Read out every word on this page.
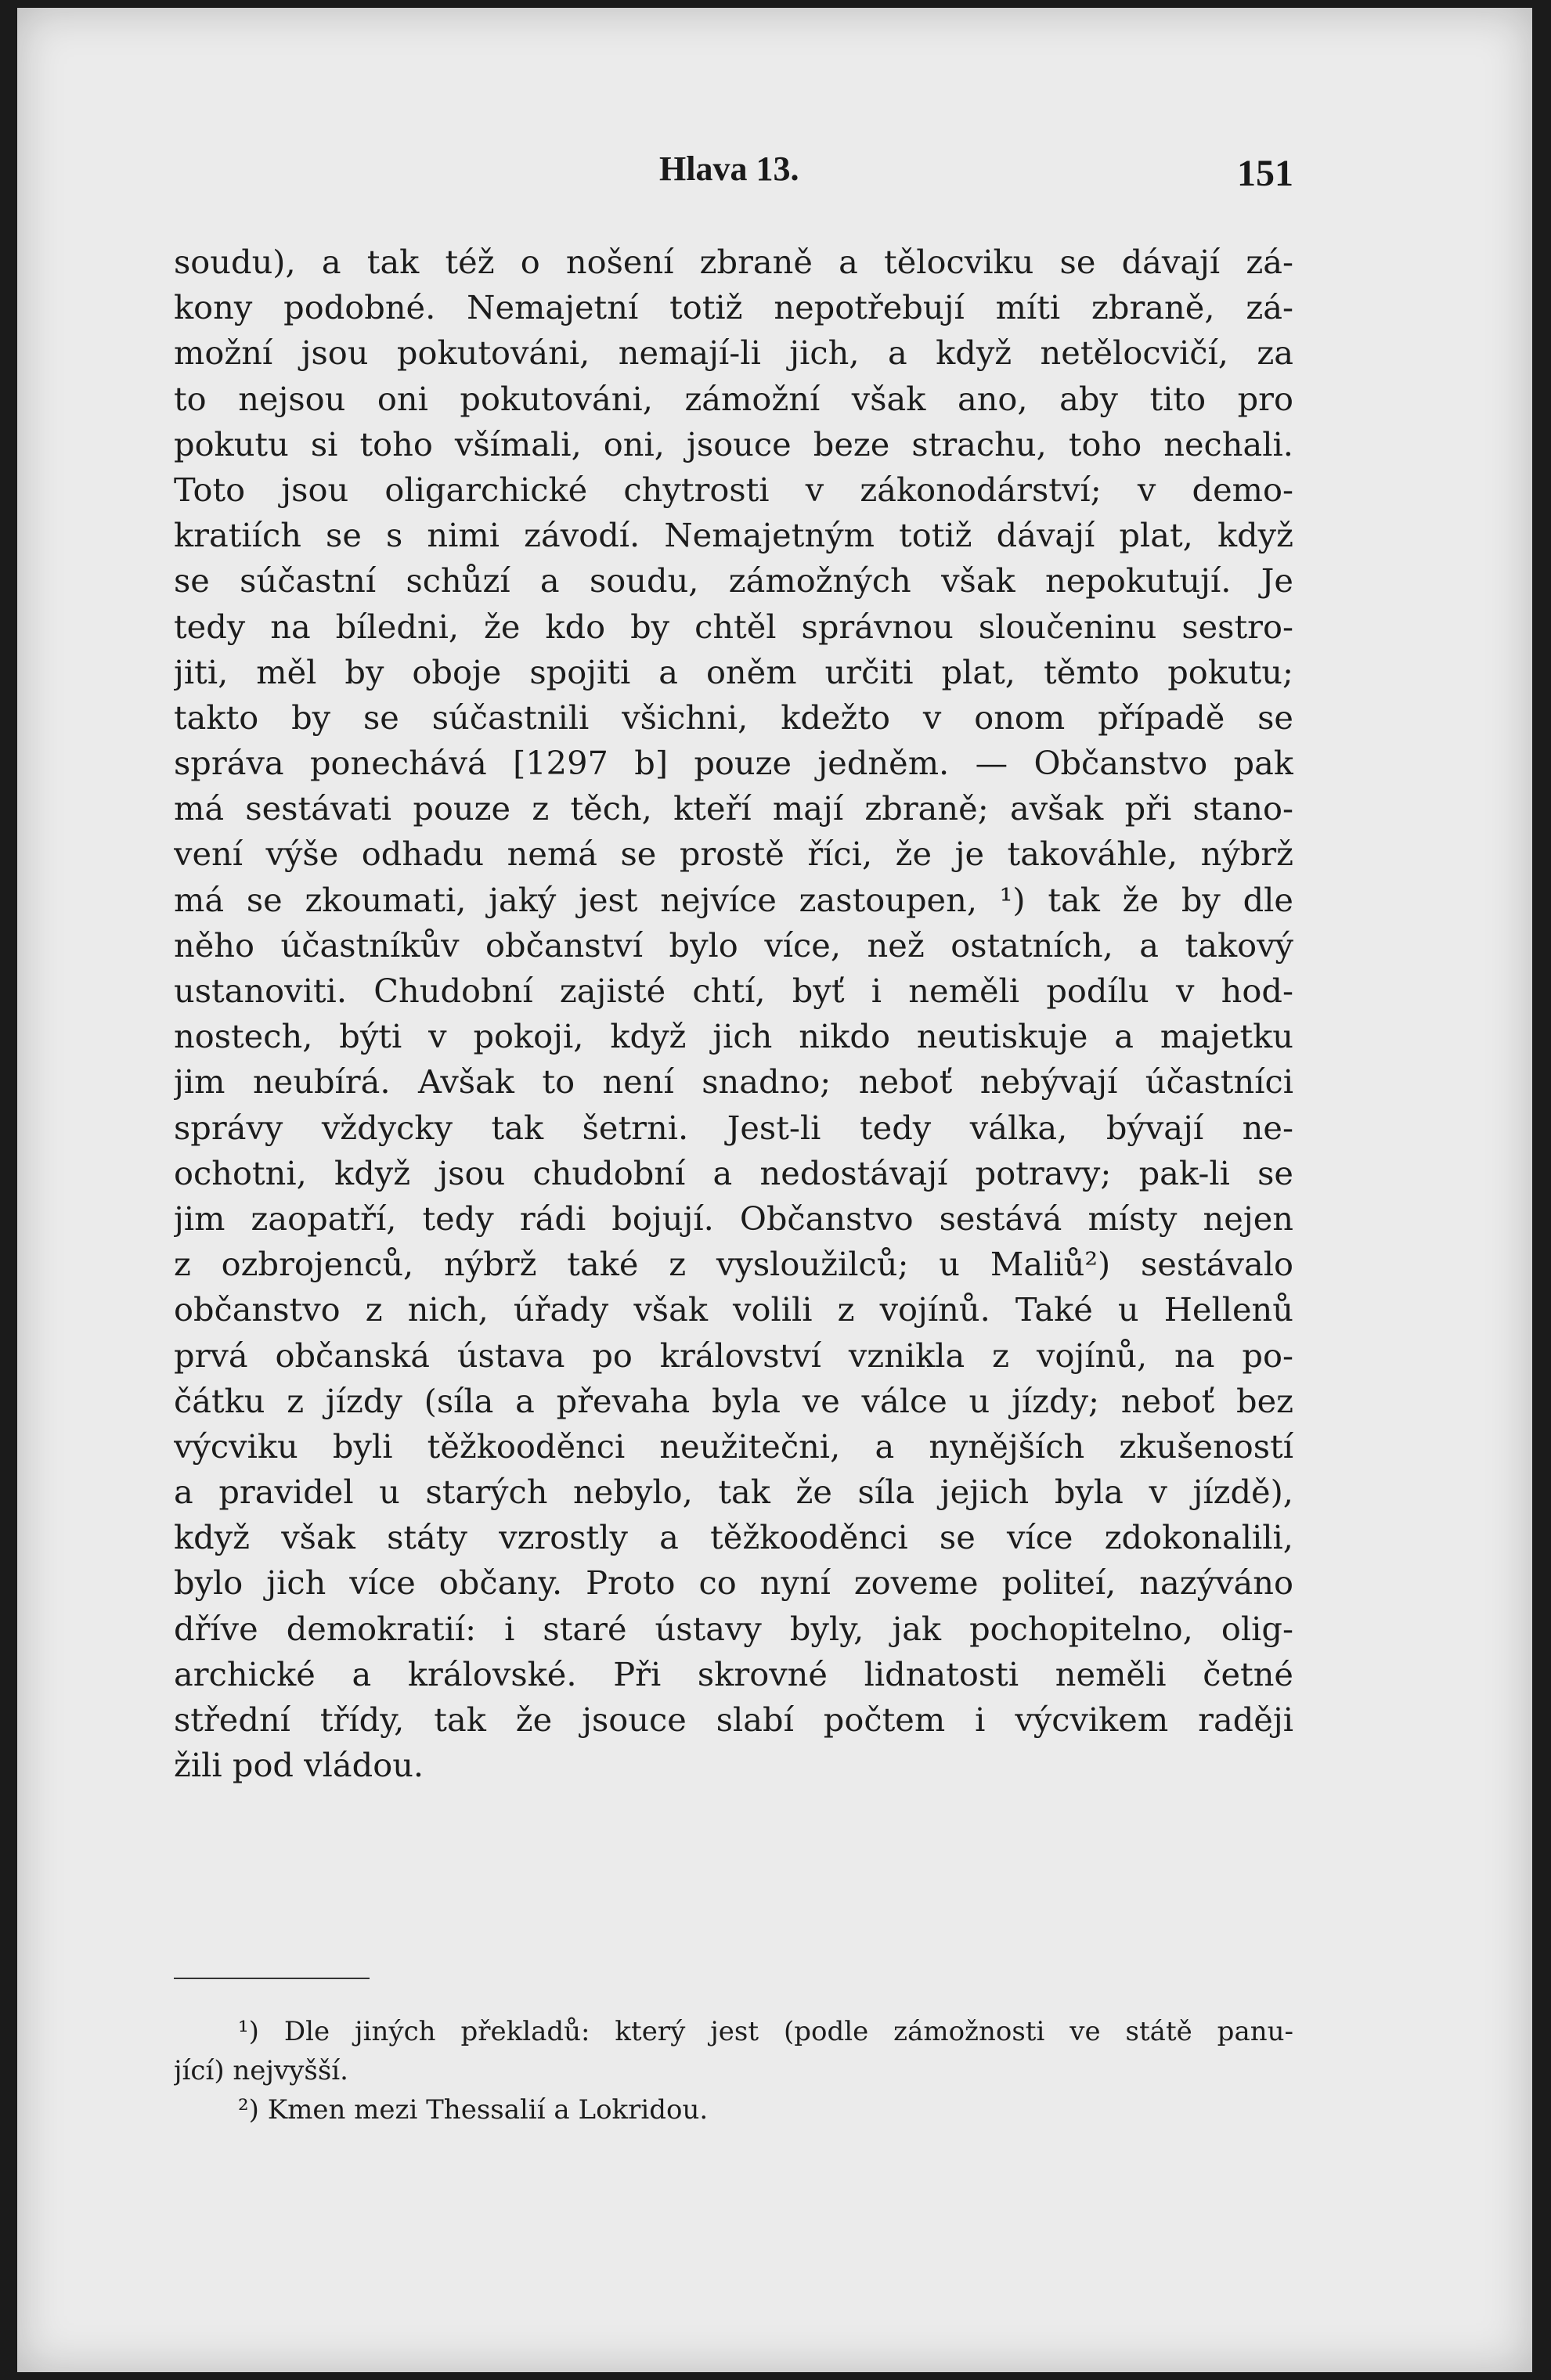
Hlava 13.	151
soudu), a tak též o nošení zbraně a tělocviku se dávají zá-
kony podobné. Nemajetní totiž nepotřebují míti zbraně, zá-
možní jsou pokutováni, nemají-li jich, a když netělocvičí, za
to nejsou oni pokutováni, zámožní však ano, aby tito pro
pokutu si toho všímali, oni, jsouce beze strachu, toho nechali.
Toto jsou oligarchické chytrosti v zákonodárství; v demo-
kratiích se s nimi závodí. Nemajetným totiž dávají plat, když
se súčastní schůzí a soudu, zámožných však nepokutují. Je
tedy na bíledni, že kdo by chtěl správnou sloučeninu sestro-
jiti, měl by oboje spojiti a oněm určiti plat, těmto pokutu;
takto by se súčastnili všichni, kdežto v onom případě se
správa ponechává [1297 b] pouze jedněm. — Občanstvo pak
má sestávati pouze z těch, kteří mají zbraně; avšak při stano-
vení výše odhadu nemá se prostě říci, že je takováhle, nýbrž
má se zkoumati, jaký jest nejvíce zastoupen, ¹) tak že by dle
něho účastníkův občanství bylo více, než ostatních, a takový
ustanoviti. Chudobní zajisté chtí, byť i neměli podílu v hod-
nostech, býti v pokoji, když jich nikdo neutiskuje a majetku
jim neubírá. Avšak to není snadno; neboť nebývají účastníci
správy vždycky tak šetrni. Jest-li tedy válka, bývají ne-
ochotni, když jsou chudobní a nedostávají potravy; pak-li se
jim zaopatří, tedy rádi bojují. Občanstvo sestává místy nejen
z ozbrojenců, nýbrž také z vysloužilců; u Maliů²) sestávalo
občanstvo z nich, úřady však volili z vojínů. Také u Hellenů
prvá občanská ústava po království vznikla z vojínů, na po-
čátku z jízdy (síla a převaha byla ve válce u jízdy; neboť bez
výcviku byli těžkooděnci neužitečni, a nynějších zkušeností
a pravidel u starých nebylo, tak že síla jejich byla v jízdě),
když však státy vzrostly a těžkooděnci se více zdokonalili,
bylo jich více občany. Proto co nyní zoveme politeí, nazýváno
dříve demokratií: i staré ústavy byly, jak pochopitelno, olig-
archické a královské. Při skrovné lidnatosti neměli četné
střední třídy, tak že jsouce slabí počtem i výcvikem raději
žili pod vládou.
¹) Dle jiných překladů: který jest (podle zámožnosti ve státě panu-
jící) nejvyšší.
²) Kmen mezi Thessalií a Lokridou.
